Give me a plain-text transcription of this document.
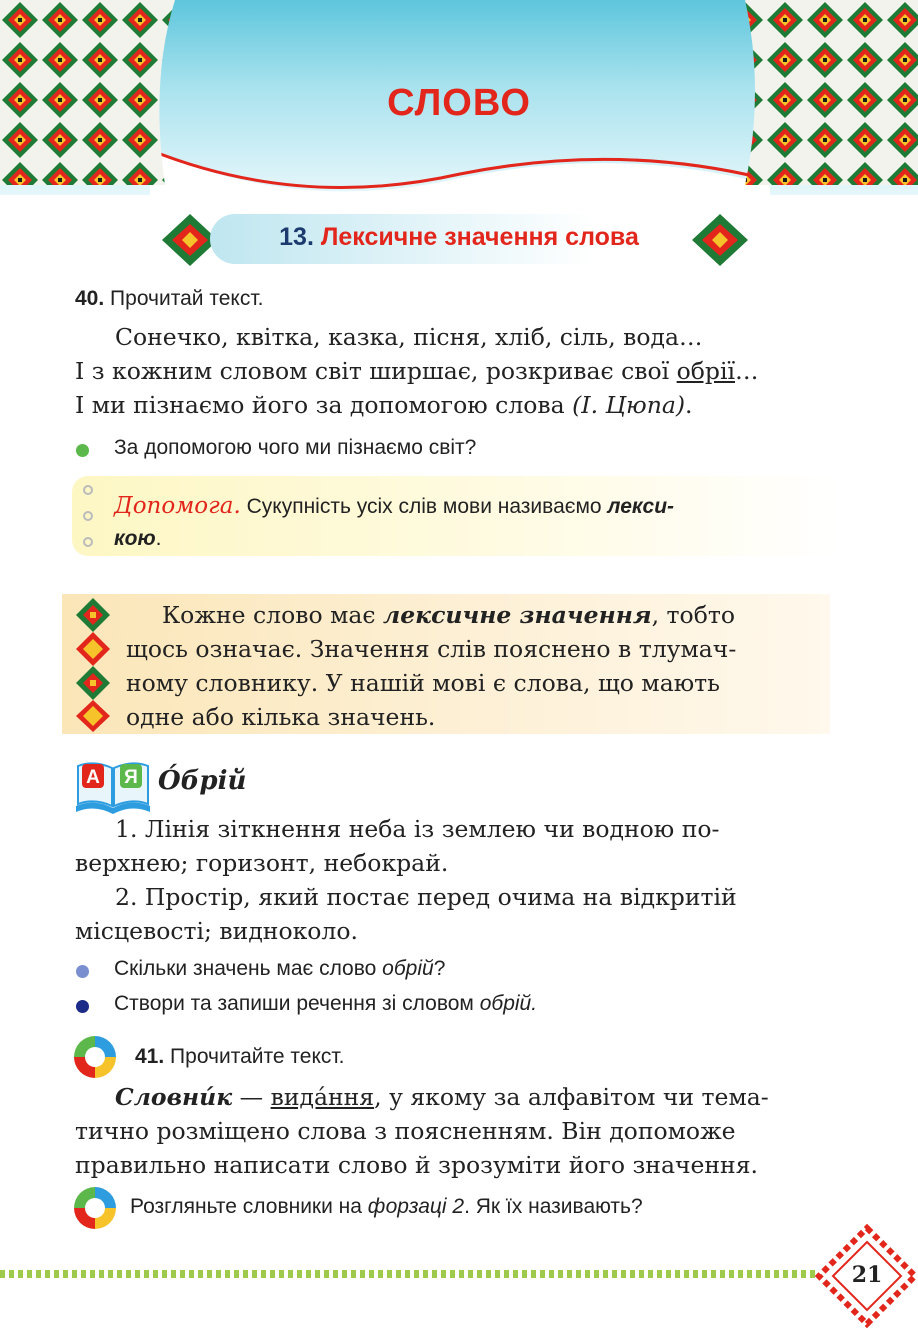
СЛОВО
13. Лексичне значення слова
40. Прочитай текст.
Сонечко, квітка, казка, пісня, хліб, сіль, вода…
І з кожним словом світ ширшає, розкриває свої обрії…
І ми пізнаємо його за допомогою слова (І. Цюпа).
За допомогою чого ми пізнаємо світ?
Допомога. Сукупність усіх слів мови називаємо лекси-
кою.
Кожне слово має лексичне значення, тобто
щось означає. Значення слів пояснено в тлумач-
ному словнику. У нашій мові є слова, що мають
одне або кілька значень.
А Я О́брій
1. Лінія зіткнення неба із землею чи водною по-
верхнею; горизонт, небокрай.
2. Простір, який постає перед очима на відкритій
місцевості; видноколо.
Скільки значень має слово обрій?
Створи та запиши речення зі словом обрій.
41. Прочитайте текст.
Словни́к — вида́ння, у якому за алфавітом чи тема-
тично розміщено слова з поясненням. Він допоможе
правильно написати слово й зрозуміти його значення.
Розгляньте словники на форзаці 2. Як їх називають?
21
